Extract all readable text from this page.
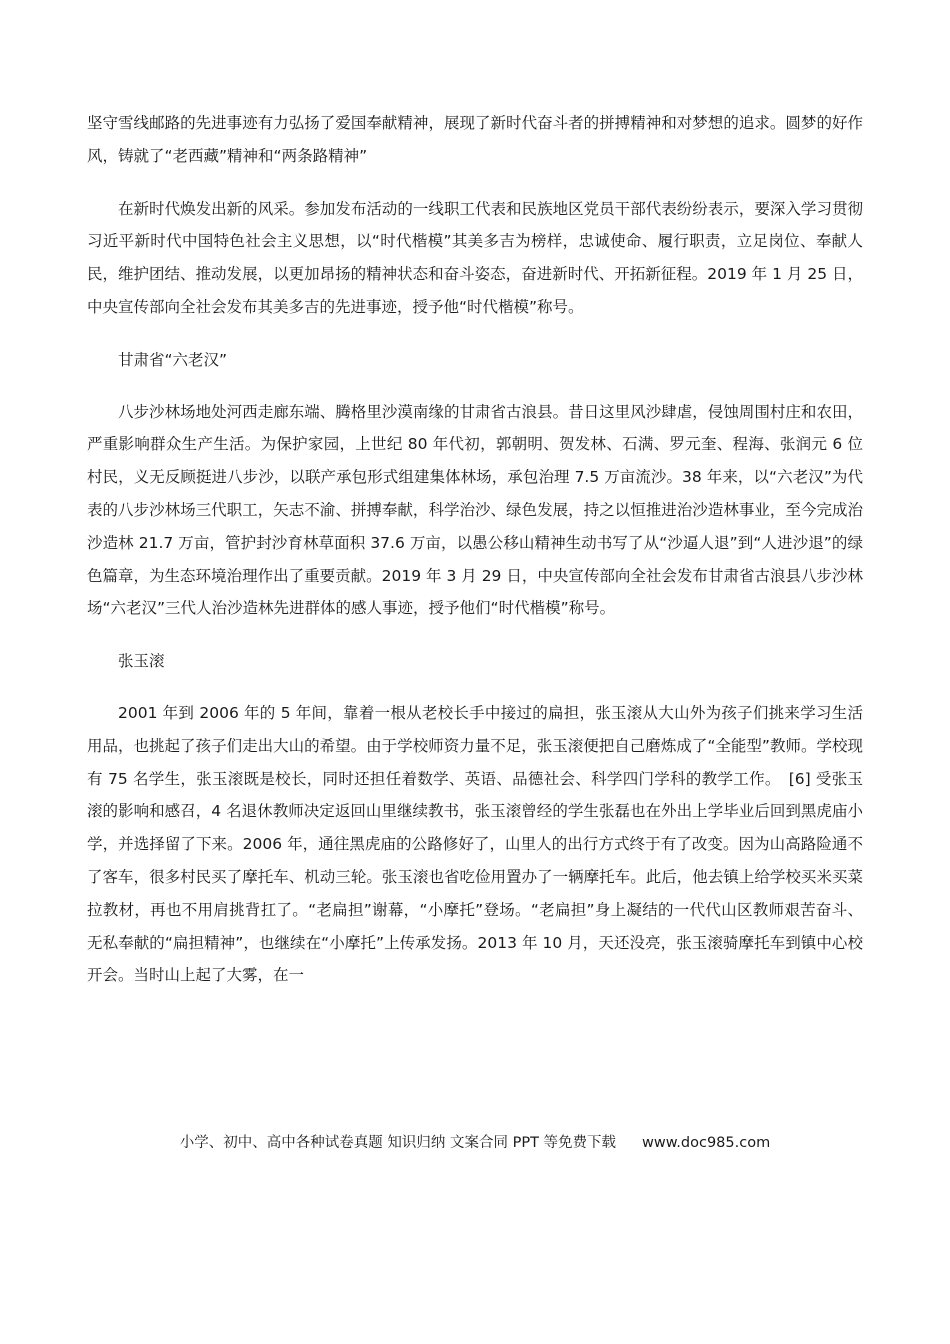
坚守雪线邮路的先进事迹有力弘扬了爱国奉献精神，展现了新时代奋斗者的拼搏精神和对梦想的追求。圆梦的好作风，铸就了“老西藏”精神和“两条路精神”

在新时代焕发出新的风采。参加发布活动的一线职工代表和民族地区党员干部代表纷纷表示，要深入学习贯彻习近平新时代中国特色社会主义思想，以“时代楷模”其美多吉为榜样，忠诚使命、履行职责，立足岗位、奉献人民，维护团结、推动发展，以更加昂扬的精神状态和奋斗姿态，奋进新时代、开拓新征程。2019 年 1 月 25 日，中央宣传部向全社会发布其美多吉的先进事迹，授予他“时代楷模”称号。

甘肃省“六老汉”

八步沙林场地处河西走廊东端、腾格里沙漠南缘的甘肃省古浪县。昔日这里风沙肆虐，侵蚀周围村庄和农田，严重影响群众生产生活。为保护家园，上世纪 80 年代初，郭朝明、贺发林、石满、罗元奎、程海、张润元 6 位村民，义无反顾挺进八步沙，以联产承包形式组建集体林场，承包治理 7.5 万亩流沙。38 年来，以“六老汉”为代表的八步沙林场三代职工，矢志不渝、拼搏奉献，科学治沙、绿色发展，持之以恒推进治沙造林事业，至今完成治沙造林 21.7 万亩，管护封沙育林草面积 37.6 万亩，以愚公移山精神生动书写了从“沙逼人退”到“人进沙退”的绿色篇章，为生态环境治理作出了重要贡献。2019 年 3 月 29 日，中央宣传部向全社会发布甘肃省古浪县八步沙林场“六老汉”三代人治沙造林先进群体的感人事迹，授予他们“时代楷模”称号。

张玉滚

2001 年到 2006 年的 5 年间，靠着一根从老校长手中接过的扁担，张玉滚从大山外为孩子们挑来学习生活用品，也挑起了孩子们走出大山的希望。由于学校师资力量不足，张玉滚便把自己磨炼成了“全能型”教师。学校现有 75 名学生，张玉滚既是校长，同时还担任着数学、英语、品德社会、科学四门学科的教学工作。　[6] 受张玉滚的影响和感召，4 名退休教师决定返回山里继续教书，张玉滚曾经的学生张磊也在外出上学毕业后回到黑虎庙小学，并选择留了下来。2006 年，通往黑虎庙的公路修好了，山里人的出行方式终于有了改变。因为山高路险通不了客车，很多村民买了摩托车、机动三轮。张玉滚也省吃俭用置办了一辆摩托车。此后，他去镇上给学校买米买菜拉教材，再也不用肩挑背扛了。“老扁担”谢幕，“小摩托”登场。“老扁担”身上凝结的一代代山区教师艰苦奋斗、无私奉献的“扁担精神”，也继续在“小摩托”上传承发扬。2013 年 10 月，天还没亮，张玉滚骑摩托车到镇中心校开会。当时山上起了大雾，在一

小学、初中、高中各种试卷真题 知识归纳 文案合同 PPT 等免费下载 www.doc985.com
